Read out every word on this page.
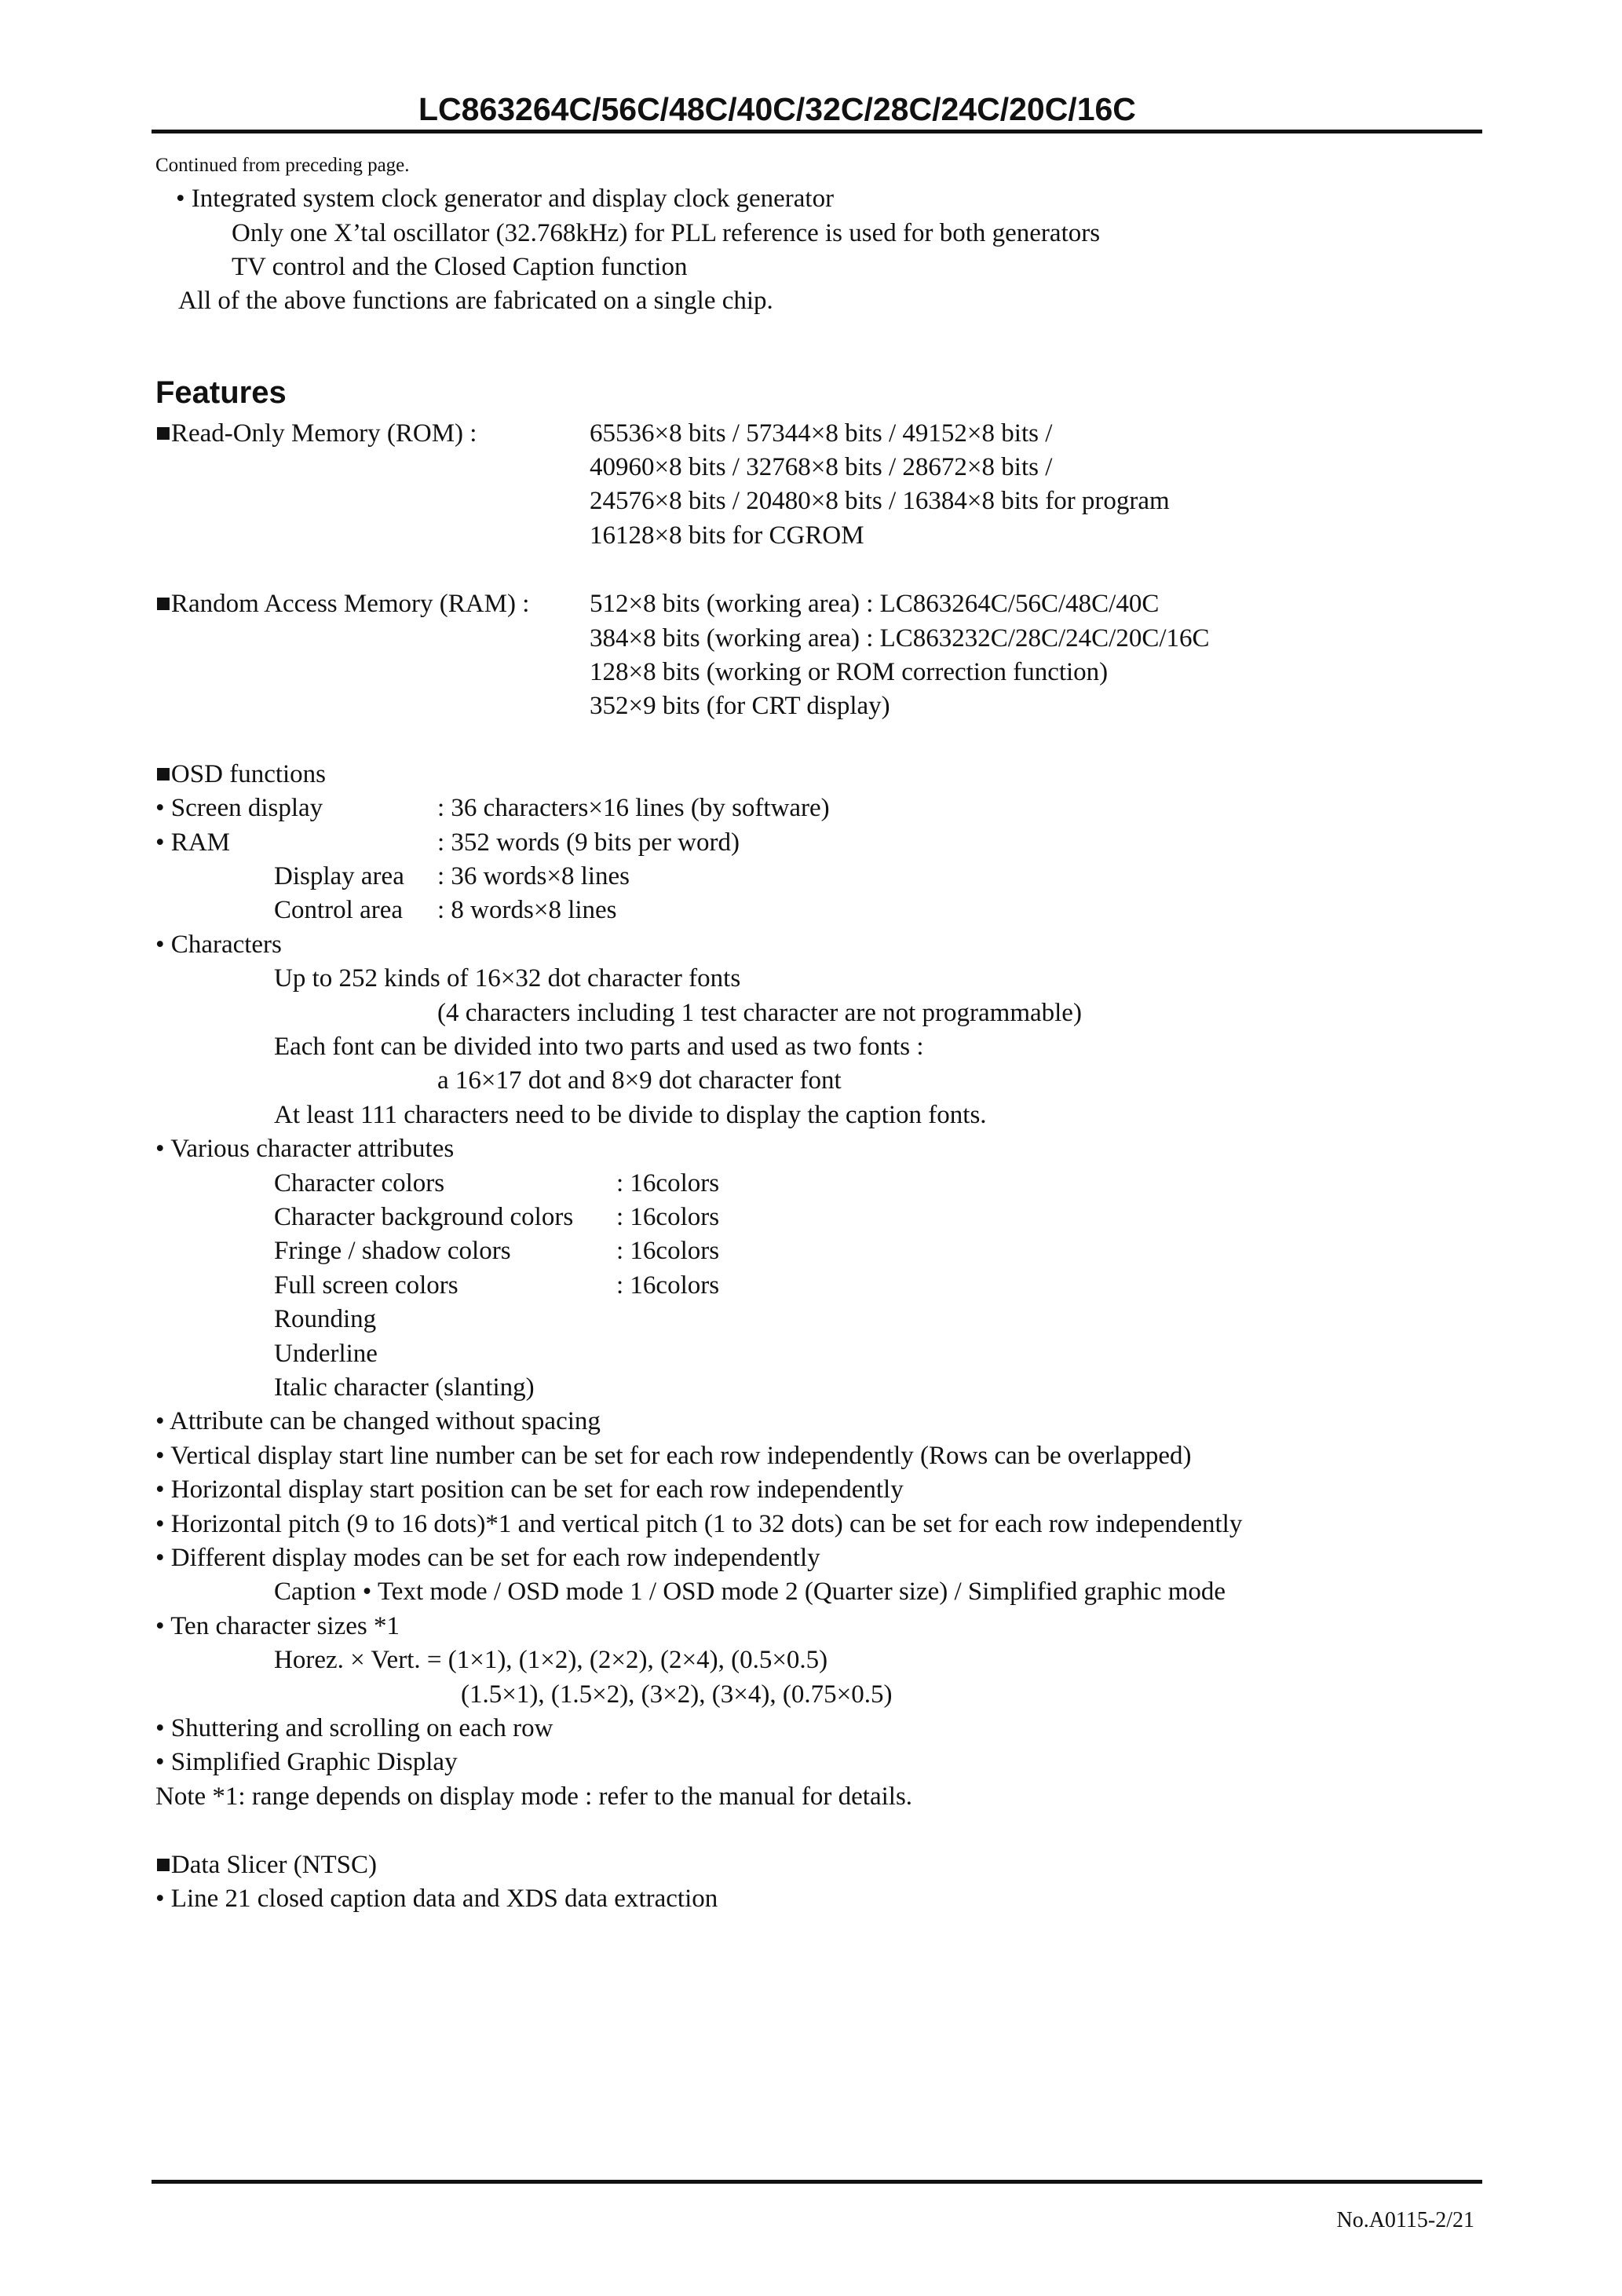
LC863264C/56C/48C/40C/32C/28C/24C/20C/16C
Continued from preceding page.
• Integrated system clock generator and display clock generator
Only one X’tal oscillator (32.768kHz) for PLL reference is used for both generators
TV control and the Closed Caption function
All of the above functions are fabricated on a single chip.
Features
■Read-Only Memory (ROM) :	65536×8 bits / 57344×8 bits / 49152×8 bits /
40960×8 bits / 32768×8 bits / 28672×8 bits /
24576×8 bits / 20480×8 bits / 16384×8 bits for program
16128×8 bits for CGROM
■Random Access Memory (RAM) : 512×8 bits (working area) : LC863264C/56C/48C/40C
384×8 bits (working area) : LC863232C/28C/24C/20C/16C
128×8 bits (working or ROM correction function)
352×9 bits (for CRT display)
■OSD functions
• Screen display	: 36 characters×16 lines (by software)
• RAM	: 352 words (9 bits per word)
Display area : 36 words×8 lines
Control area : 8 words×8 lines
• Characters
Up to 252 kinds of 16×32 dot character fonts
(4 characters including 1 test character are not programmable)
Each font can be divided into two parts and used as two fonts :
a 16×17 dot and 8×9 dot character font
At least 111 characters need to be divide to display the caption fonts.
• Various character attributes
Character colors	: 16colors
Character background colors : 16colors
Fringe / shadow colors	: 16colors
Full screen colors	: 16colors
Rounding
Underline
Italic character (slanting)
• Attribute can be changed without spacing
• Vertical display start line number can be set for each row independently (Rows can be overlapped)
• Horizontal display start position can be set for each row independently
• Horizontal pitch (9 to 16 dots)*1 and vertical pitch (1 to 32 dots) can be set for each row independently
• Different display modes can be set for each row independently
Caption • Text mode / OSD mode 1 / OSD mode 2 (Quarter size) / Simplified graphic mode
• Ten character sizes *1
Horez. × Vert. = (1×1), (1×2), (2×2), (2×4), (0.5×0.5)
(1.5×1), (1.5×2), (3×2), (3×4), (0.75×0.5)
• Shuttering and scrolling on each row
• Simplified Graphic Display
Note *1: range depends on display mode : refer to the manual for details.
■Data Slicer (NTSC)
• Line 21 closed caption data and XDS data extraction
No.A0115-2/21
